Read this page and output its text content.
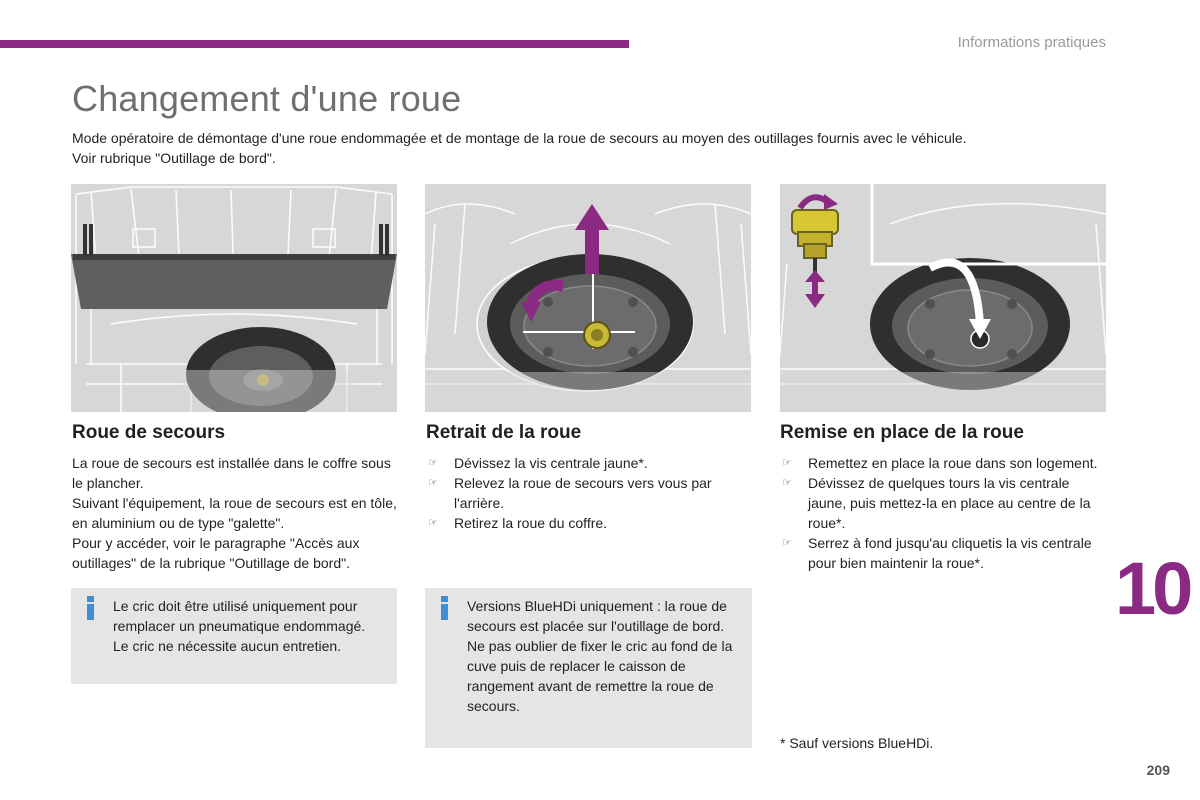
Informations pratiques
Changement d'une roue

Mode opératoire de démontage d'une roue endommagée et de montage de la roue de secours au moyen des outillages fournis avec le véhicule.

Voir rubrique "Outillage de bord".

Roue de secours

La roue de secours est installée dans le coffre sous le plancher.

Suivant l'équipement, la roue de secours est en tôle, en aluminium ou de type "galette".

Pour y accéder, voir le paragraphe "Accès aux outillages" de la rubrique "Outillage de bord".

Retrait de la roue
☞ Dévissez la vis centrale jaune*.
☞ Relevez la roue de secours vers vous par l'arrière.
☞ Retirez la roue du coffre.
Remise en place de la roue
☞ Remettez en place la roue dans son logement.
☞ Dévissez de quelques tours la vis centrale jaune, puis mettez-la en place au centre de la roue*.
☞ Serrez à fond jusqu'au cliquetis la vis centrale pour bien maintenir la roue*.

Le cric doit être utilisé uniquement pour remplacer un pneumatique endommagé.

Le cric ne nécessite aucun entretien.

Versions BlueHDi uniquement : la roue de secours est placée sur l'outillage de bord.

Ne pas oublier de fixer le cric au fond de la cuve puis de replacer le caisson de rangement avant de remettre la roue de secours.

10
* Sauf versions BlueHDi.
209
